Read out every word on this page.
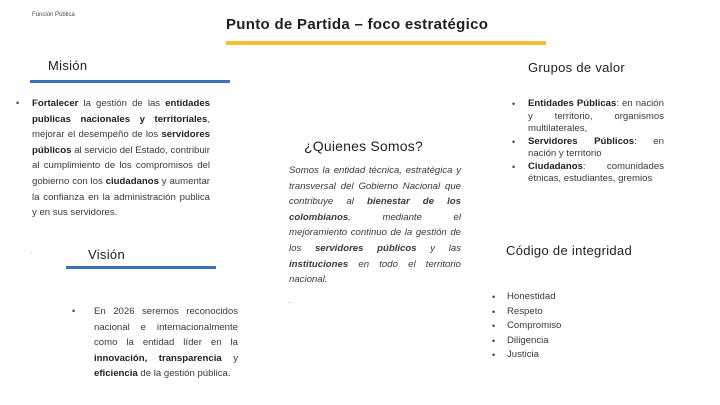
Función Pública
Punto de Partida – foco estratégico
Misión
• Fortalecer la gestión de las entidades publicas nacionales y territoriales, mejorar el desempeño de los servidores públicos al servicio del Estado, contribuir al cumplimiento de los compromisos del gobierno con los ciudadanos y aumentar la confianza en la administración publica y en sus servidores.
.	Visión
• En 2026 seremos reconocidos nacional e internacionalmente como la entidad líder en la innovación, transparencia y eficiencia de la gestión pública.
¿Quienes Somos?
Somos la entidad técnica, estratégica y transversal del Gobierno Nacional que contribuye al bienestar de los colombianos, mediante el mejoramiento continuo de la gestión de los servidores públicos y las instituciones en todo el territorio nacional.
.
Grupos de valor
• Entidades Públicas: en nación y territorio, organismos multilaterales,
• Servidores Públicos: en nación y territorio
• Ciudadanos: comunidades étnicas, estudiantes, gremios
Código de integridad
• Honestidad
• Respeto
• Compromiso
• Diligencia
• Justicia
